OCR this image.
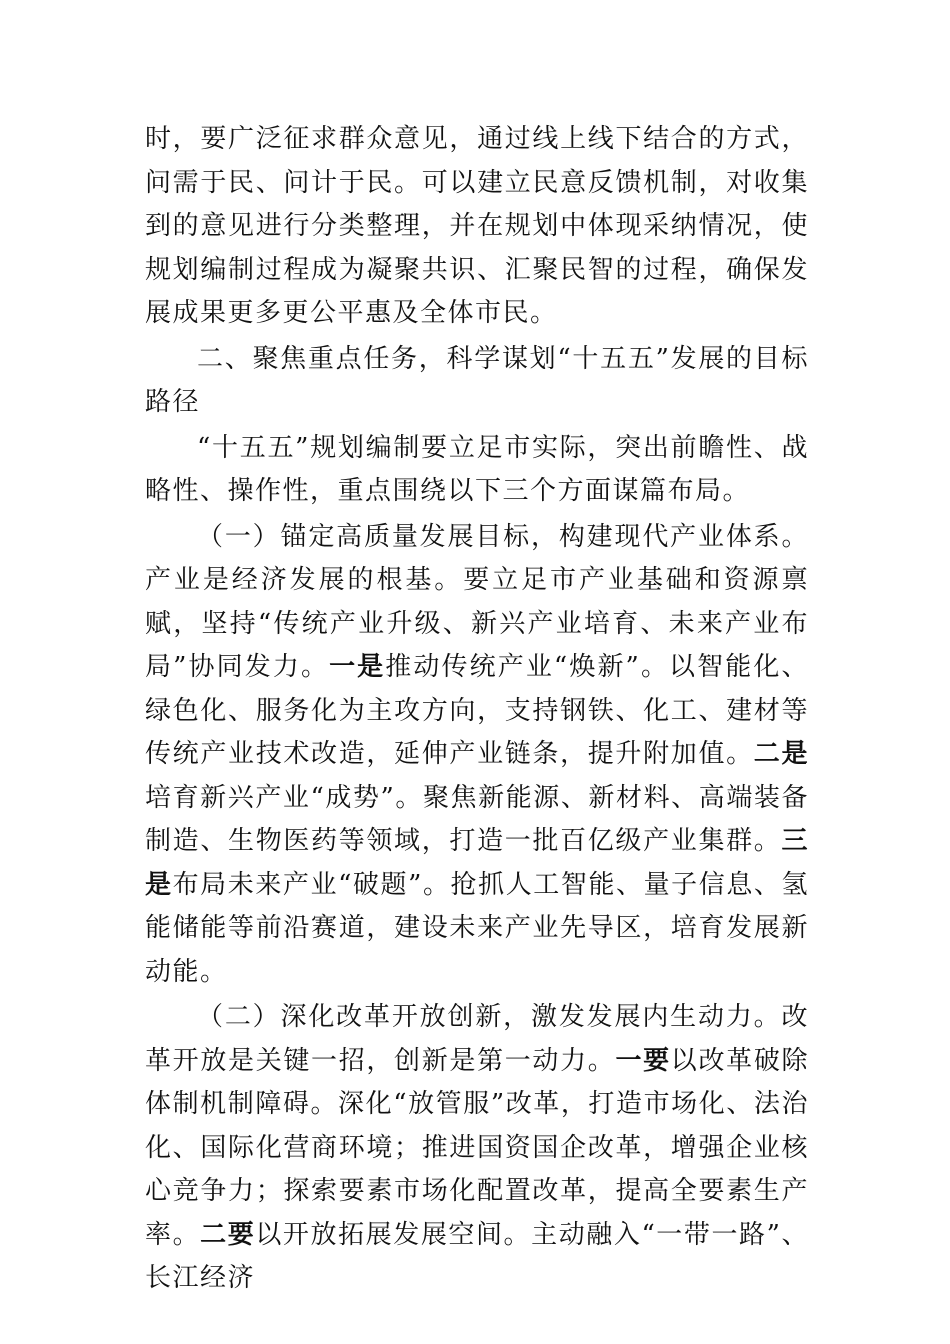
时，要广泛征求群众意见，通过线上线下结合的方式，问需于民、问计于民。可以建立民意反馈机制，对收集到的意见进行分类整理，并在规划中体现采纳情况，使规划编制过程成为凝聚共识、汇聚民智的过程，确保发展成果更多更公平惠及全体市民。

二、聚焦重点任务，科学谋划“十五五”发展的目标路径

“十五五”规划编制要立足市实际，突出前瞻性、战略性、操作性，重点围绕以下三个方面谋篇布局。

（一）锚定高质量发展目标，构建现代产业体系。产业是经济发展的根基。要立足市产业基础和资源禀赋，坚持“传统产业升级、新兴产业培育、未来产业布局”协同发力。一是推动传统产业“焕新”。以智能化、绿色化、服务化为主攻方向，支持钢铁、化工、建材等传统产业技术改造，延伸产业链条，提升附加值。二是培育新兴产业“成势”。聚焦新能源、新材料、高端装备制造、生物医药等领域，打造一批百亿级产业集群。三是布局未来产业“破题”。抢抓人工智能、量子信息、氢能储能等前沿赛道，建设未来产业先导区，培育发展新动能。

（二）深化改革开放创新，激发发展内生动力。改革开放是关键一招，创新是第一动力。一要以改革破除体制机制障碍。深化“放管服”改革，打造市场化、法治化、国际化营商环境；推进国资国企改革，增强企业核心竞争力；探索要素市场化配置改革，提高全要素生产率。二要以开放拓展发展空间。主动融入“一带一路”、长江经济
